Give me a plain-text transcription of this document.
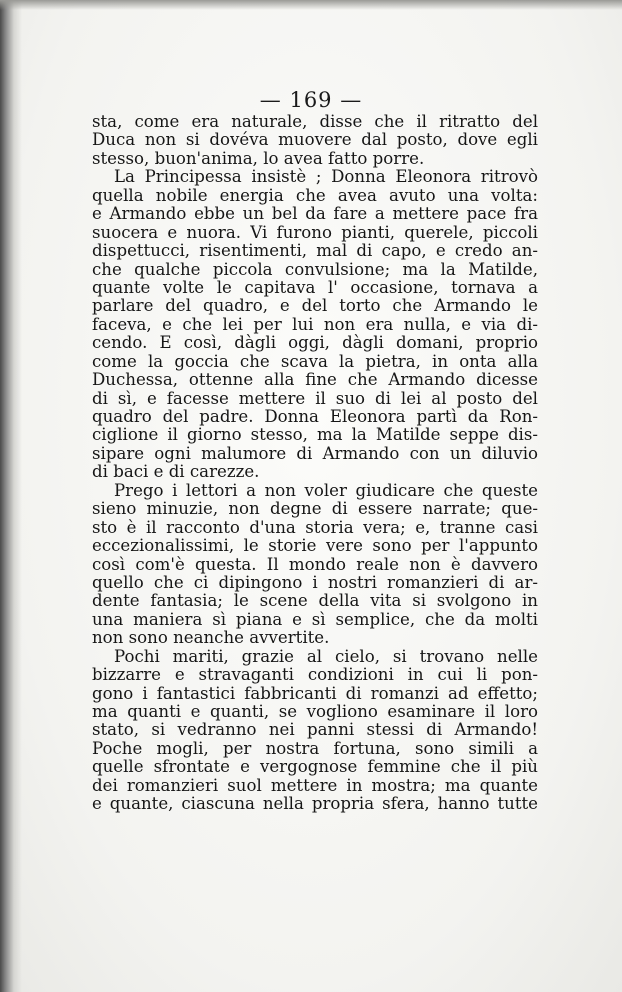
— 169 —
sta, come era naturale, disse che il ritratto del
Duca non si dovéva muovere dal posto, dove egli
stesso, buon'anima, lo avea fatto porre.
La Principessa insistè ; Donna Eleonora ritrovò
quella nobile energia che avea avuto una volta:
e Armando ebbe un bel da fare a mettere pace fra
suocera e nuora. Vi furono pianti, querele, piccoli
dispettucci, risentimenti, mal di capo, e credo an-
che qualche piccola convulsione; ma la Matilde,
quante volte le capitava l' occasione, tornava a
parlare del quadro, e del torto che Armando le
faceva, e che lei per lui non era nulla, e via di-
cendo. E così, dàgli oggi, dàgli domani, proprio
come la goccia che scava la pietra, in onta alla
Duchessa, ottenne alla fine che Armando dicesse
di sì, e facesse mettere il suo di lei al posto del
quadro del padre. Donna Eleonora partì da Ron-
ciglione il giorno stesso, ma la Matilde seppe dis-
sipare ogni malumore di Armando con un diluvio
di baci e di carezze.
Prego i lettori a non voler giudicare che queste
sieno minuzie, non degne di essere narrate; que-
sto è il racconto d'una storia vera; e, tranne casi
eccezionalissimi, le storie vere sono per l'appunto
così com'è questa. Il mondo reale non è davvero
quello che ci dipingono i nostri romanzieri di ar-
dente fantasia; le scene della vita si svolgono in
una maniera sì piana e sì semplice, che da molti
non sono neanche avvertite.
Pochi mariti, grazie al cielo, si trovano nelle
bizzarre e stravaganti condizioni in cui li pon-
gono i fantastici fabbricanti di romanzi ad effetto;
ma quanti e quanti, se vogliono esaminare il loro
stato, si vedranno nei panni stessi di Armando!
Poche mogli, per nostra fortuna, sono simili a
quelle sfrontate e vergognose femmine che il più
dei romanzieri suol mettere in mostra; ma quante
e quante, ciascuna nella propria sfera, hanno tutte
